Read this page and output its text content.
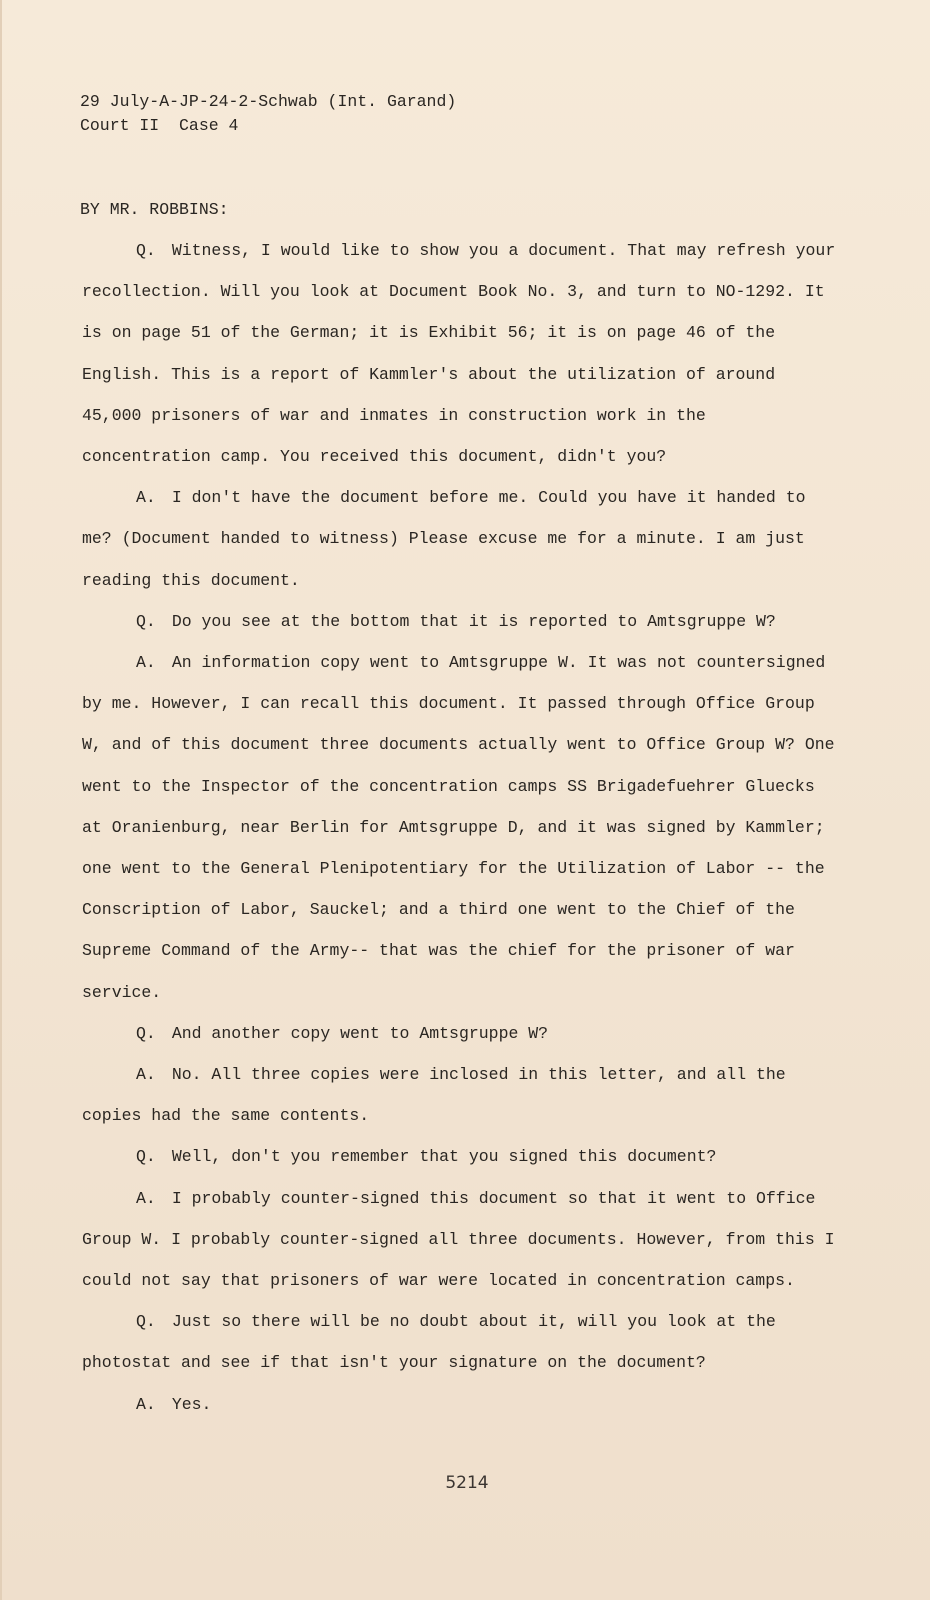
29 July-A-JP-24-2-Schwab (Int. Garand)
Court II  Case 4
BY MR. ROBBINS:

Q. Witness, I would like to show you a document. That may refresh your recollection. Will you look at Document Book No. 3, and turn to NO-1292. It is on page 51 of the German; it is Exhibit 56; it is on page 46 of the English. This is a report of Kammler's about the utilization of around 45,000 prisoners of war and inmates in construction work in the concentration camp. You received this document, didn't you?

A. I don't have the document before me. Could you have it handed to me? (Document handed to witness) Please excuse me for a minute. I am just reading this document.

Q. Do you see at the bottom that it is reported to Amtsgruppe W?

A. An information copy went to Amtsgruppe W. It was not countersigned by me. However, I can recall this document. It passed through Office Group W, and of this document three documents actually went to Office Group W? One went to the Inspector of the concentration camps SS Brigadefuehrer Gluecks at Oranienburg, near Berlin for Amtsgruppe D, and it was signed by Kammler; one went to the General Plenipotentiary for the Utilization of Labor -- the Conscription of Labor, Sauckel; and a third one went to the Chief of the Supreme Command of the Army-- that was the chief for the prisoner of war service.

Q. And another copy went to Amtsgruppe W?

A. No. All three copies were inclosed in this letter, and all the copies had the same contents.

Q. Well, don't you remember that you signed this document?

A. I probably counter-signed this document so that it went to Office Group W. I probably counter-signed all three documents. However, from this I could not say that prisoners of war were located in concentration camps.

Q. Just so there will be no doubt about it, will you look at the photostat and see if that isn't your signature on the document?

A. Yes.

5214
